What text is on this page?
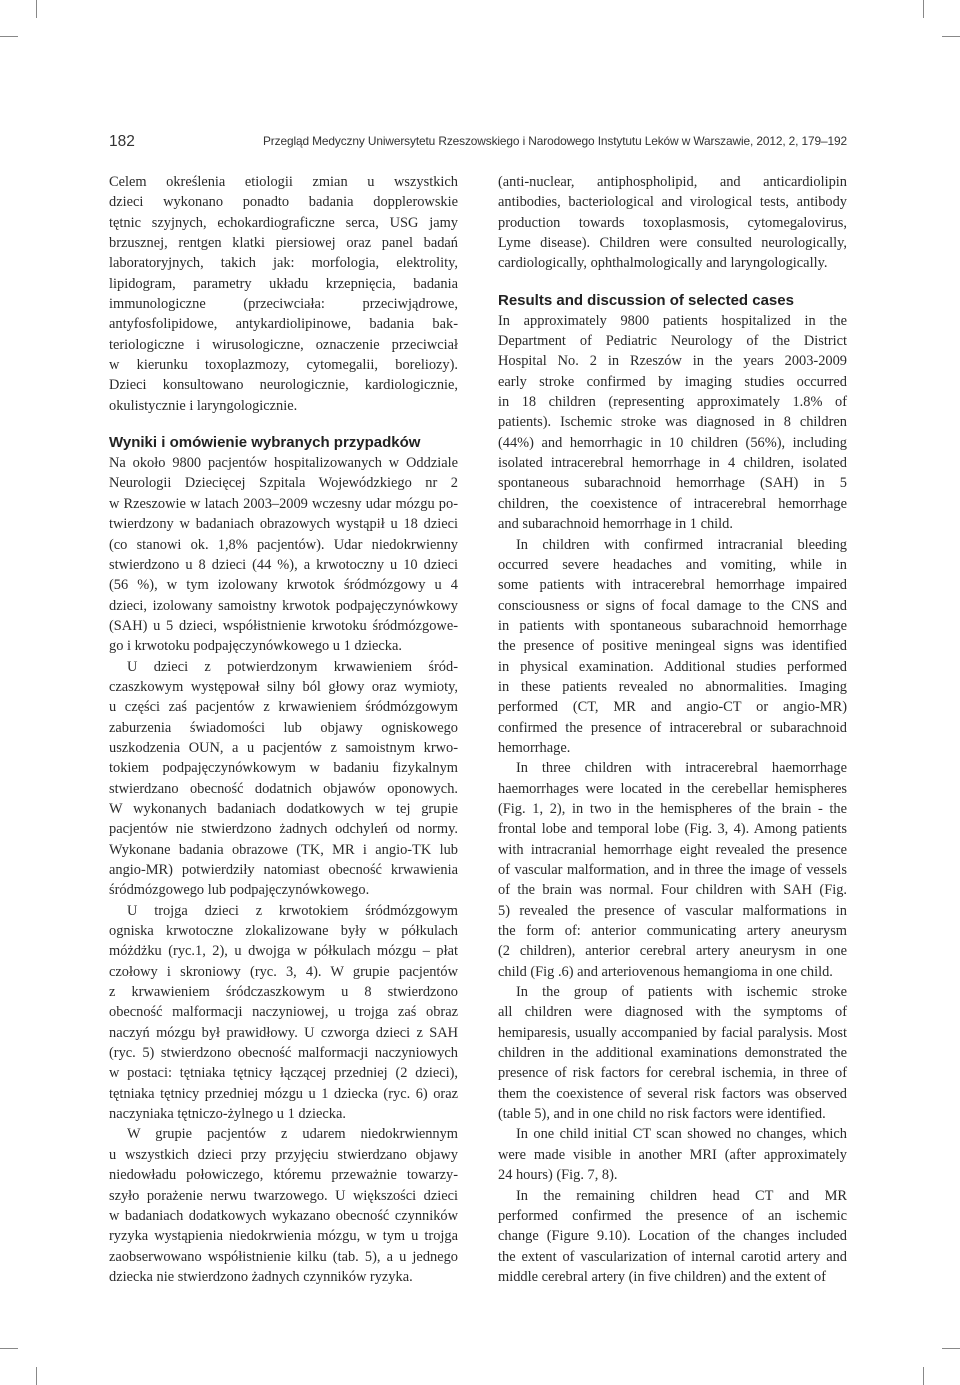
182	Przegląd Medyczny Uniwersytetu Rzeszowskiego i Narodowego Instytutu Leków w Warszawie, 2012, 2, 179–192
Celem określenia etiologii zmian u wszystkich
dzieci wykonano ponadto badania dopplerowskie
tętnic szyjnych, echokardiograficzne serca, USG jamy
brzusznej, rentgen klatki piersiowej oraz panel badań
laboratoryjnych, takich jak: morfologia, elektrolity,
lipidogram, parametry układu krzepnięcia, badania
immunologiczne (przeciwciała: przeciwjądrowe,
antyfosfolipidowe, antykardiolipinowe, badania bak-
teriologiczne i wirusologiczne, oznaczenie przeciwciał
w kierunku toxoplazmozy, cytomegalii, boreliozy).
Dzieci konsultowano neurologicznie, kardiologicznie,
okulistycznie i laryngologicznie.
Wyniki i omówienie wybranych przypadków
Na około 9800 pacjentów hospitalizowanych w Oddziale
Neurologii Dziecięcej Szpitala Wojewódzkiego nr 2
w Rzeszowie w latach 2003–2009 wczesny udar mózgu po-
twierdzony w badaniach obrazowych wystąpił u 18 dzieci
(co stanowi ok. 1,8% pacjentów). Udar niedokrwienny
stwierdzono u 8 dzieci (44 %), a krwotoczny u 10 dzieci
(56 %), w tym izolowany krwotok śródmózgowy u 4
dzieci, izolowany samoistny krwotok podpajęczynówkowy
(SAH) u 5 dzieci, współistnienie krwotoku śródmózgowe-
go i krwotoku podpajęczynówkowego u 1 dziecka.
U dzieci z potwierdzonym krwawieniem śród-
czaszkowym występował silny ból głowy oraz wymioty,
u części zaś pacjentów z krwawieniem śródmózgowym
zaburzenia świadomości lub objawy ogniskowego
uszkodzenia OUN, a u pacjentów z samoistnym krwo-
tokiem podpajęczynówkowym w badaniu fizykalnym
stwierdzano obecność dodatnich objawów oponowych.
W wykonanych badaniach dodatkowych w tej grupie
pacjentów nie stwierdzono żadnych odchyleń od normy.
Wykonane badania obrazowe (TK, MR i angio-TK lub
angio-MR) potwierdziły natomiast obecność krwawienia
śródmózgowego lub podpajęczynówkowego.
U trojga dzieci z krwotokiem śródmózgowym
ogniska krwotoczne zlokalizowane były w półkulach
móżdżku (ryc.1, 2), u dwojga w półkulach mózgu – płat
czołowy i skroniowy (ryc. 3, 4). W grupie pacjentów
z krwawieniem śródczaszkowym u 8 stwierdzono
obecność malformacji naczyniowej, u trojga zaś obraz
naczyń mózgu był prawidłowy. U czworga dzieci z SAH
(ryc. 5) stwierdzono obecność malformacji naczyniowych
w postaci: tętniaka tętnicy łączącej przedniej (2 dzieci),
tętniaka tętnicy przedniej mózgu u 1 dziecka (ryc. 6) oraz
naczyniaka tętniczo-żylnego u 1 dziecka.
W grupie pacjentów z udarem niedokrwiennym
u wszystkich dzieci przy przyjęciu stwierdzano objawy
niedowładu połowiczego, któremu przeważnie towarzy-
szyło porażenie nerwu twarzowego. U większości dzieci
w badaniach dodatkowych wykazano obecność czynników
ryzyka wystąpienia niedokrwienia mózgu, w tym u trojga
zaobserwowano współistnienie kilku (tab. 5), a u jednego
dziecka nie stwierdzono żadnych czynników ryzyka.
(anti-nuclear, antiphospholipid, and anticardiolipin
antibodies, bacteriological and virological tests, antibody
production towards toxoplasmosis, cytomegalovirus,
Lyme disease). Children were consulted neurologically,
cardiologically, ophthalmologically and laryngologically.
Results and discussion of selected cases
In approximately 9800 patients hospitalized in the
Department of Pediatric Neurology of the District
Hospital No. 2 in Rzeszów in the years 2003-2009
early stroke confirmed by imaging studies occurred
in 18 children (representing approximately 1.8% of
patients). Ischemic stroke was diagnosed in 8 children
(44%) and hemorrhagic in 10 children (56%), including
isolated intracerebral hemorrhage in 4 children, isolated
spontaneous subarachnoid hemorrhage (SAH) in 5
children, the coexistence of intracerebral hemorrhage
and subarachnoid hemorrhage in 1 child.
In children with confirmed intracranial bleeding
occurred severe headaches and vomiting, while in
some patients with intracerebral hemorrhage impaired
consciousness or signs of focal damage to the CNS and
in patients with spontaneous subarachnoid hemorrhage
the presence of positive meningeal signs was identified
in physical examination. Additional studies performed
in these patients revealed no abnormalities. Imaging
performed (CT, MR and angio-CT or angio-MR)
confirmed the presence of intracerebral or subarachnoid
hemorrhage.
In three children with intracerebral haemorrhage
haemorrhages were located in the cerebellar hemispheres
(Fig. 1, 2), in two in the hemispheres of the brain - the
frontal lobe and temporal lobe (Fig. 3, 4). Among patients
with intracranial hemorrhage eight revealed the presence
of vascular malformation, and in three the image of vessels
of the brain was normal. Four children with SAH (Fig.
5) revealed the presence of vascular malformations in
the form of: anterior communicating artery aneurysm
(2 children), anterior cerebral artery aneurysm in one
child (Fig .6) and arteriovenous hemangioma in one child.
In the group of patients with ischemic stroke
all children were diagnosed with the symptoms of
hemiparesis, usually accompanied by facial paralysis. Most
children in the additional examinations demonstrated the
presence of risk factors for cerebral ischemia, in three of
them the coexistence of several risk factors was observed
(table 5), and in one child no risk factors were identified.
In one child initial CT scan showed no changes, which
were made visible in another MRI (after approximately
24 hours) (Fig. 7, 8).
In the remaining children head CT and MR
performed confirmed the presence of an ischemic
change (Figure 9.10). Location of the changes included
the extent of vascularization of internal carotid artery and
middle cerebral artery (in five children) and the extent of
